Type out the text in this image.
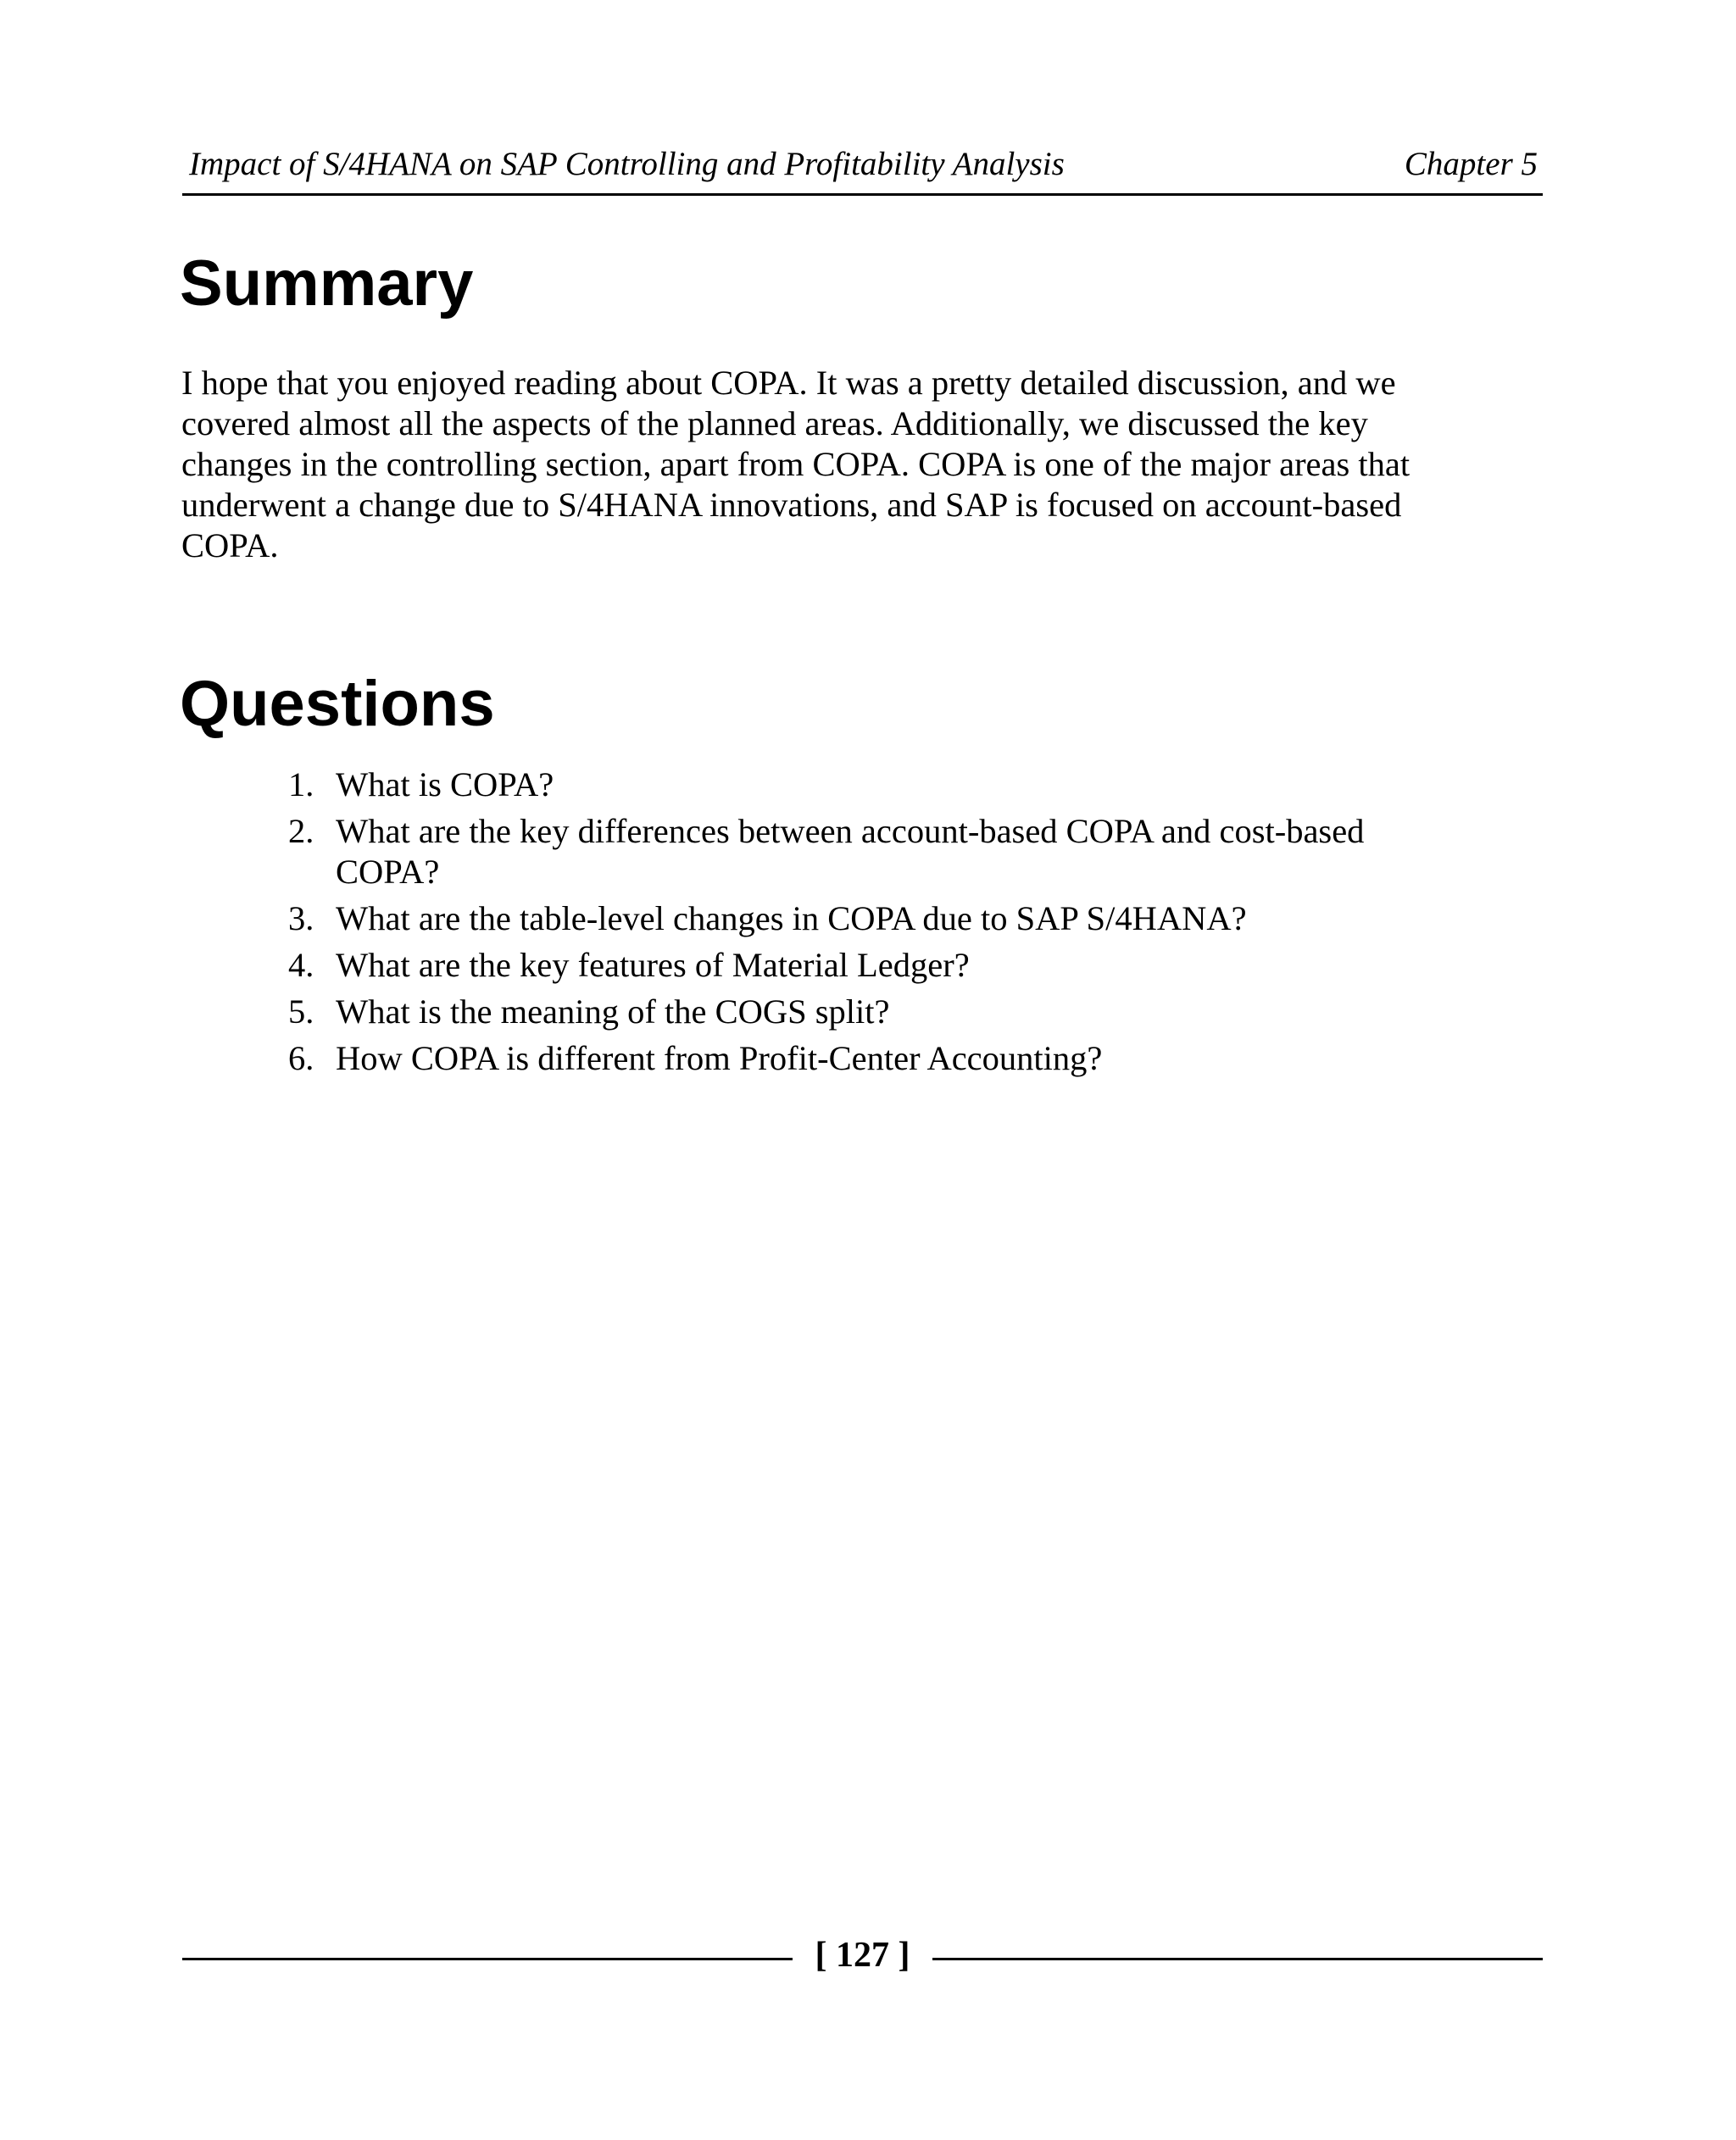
Impact of S/4HANA on SAP Controlling and Profitability Analysis	Chapter 5
Summary

I hope that you enjoyed reading about COPA. It was a pretty detailed discussion, and we
covered almost all the aspects of the planned areas. Additionally, we discussed the key
changes in the controlling section, apart from COPA. COPA is one of the major areas that
underwent a change due to S/4HANA innovations, and SAP is focused on account-based
COPA.

Questions
1. What is COPA?
2. What are the key differences between account-based COPA and cost-based
COPA?
3. What are the table-level changes in COPA due to SAP S/4HANA?
4. What are the key features of Material Ledger?
5. What is the meaning of the COGS split?
6. How COPA is different from Profit-Center Accounting?
[ 127 ]
